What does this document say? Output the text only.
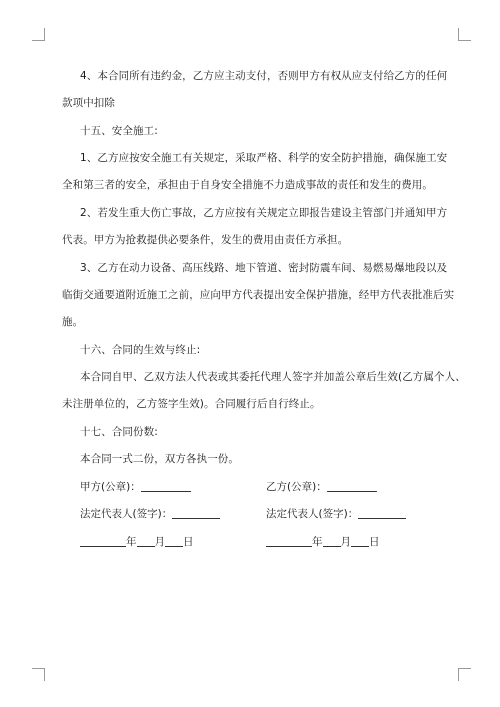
4、本合同所有违约金，乙方应主动支付，否则甲方有权从应支付给乙方的任何
款项中扣除
十五、安全施工:
1、乙方应按安全施工有关规定，采取严格、科学的安全防护措施，确保施工安
全和第三者的安全，承担由于自身安全措施不力造成事故的责任和发生的费用。
2、若发生重大伤亡事故，乙方应按有关规定立即报告建设主管部门并通知甲方
代表。甲方为抢救提供必要条件，发生的费用由责任方承担。
3、乙方在动力设备、高压线路、地下管道、密封防震车间、易燃易爆地段以及
临街交通要道附近施工之前，应向甲方代表提出安全保护措施，经甲方代表批准后实
施。
十六、合同的生效与终止:
本合同自甲、乙双方法人代表或其委托代理人签字并加盖公章后生效(乙方属个人、
未注册单位的，乙方签字生效)。合同履行后自行终止。
十七、合同份数:
本合同一式二份，双方各执一份。
甲方(公章)：	乙方(公章)：
法定代表人(签字)：	法定代表人(签字)：
年 月 日	年 月 日
